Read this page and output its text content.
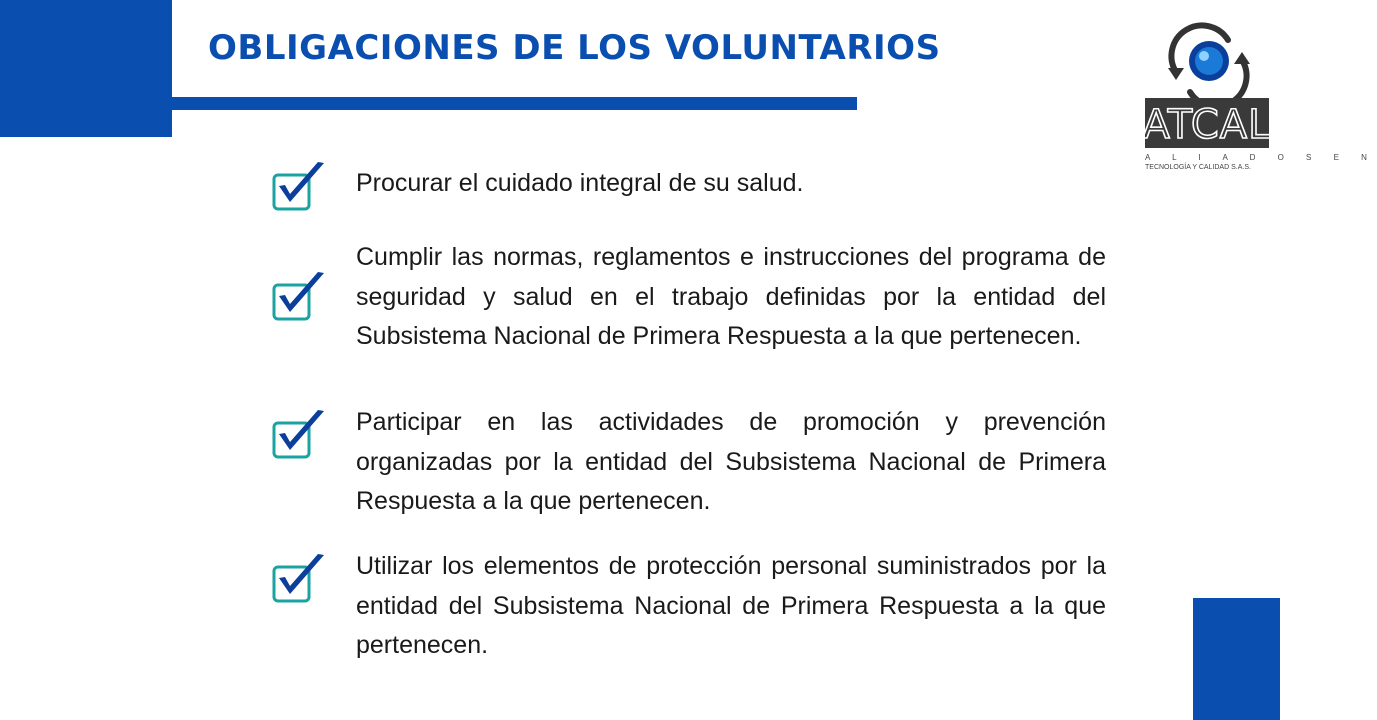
OBLIGACIONES DE LOS VOLUNTARIOS
ATCAL
A L I A D O S E N
TECNOLOGÍA Y CALIDAD S.A.S.

Procurar el cuidado integral de su salud.

Cumplir las normas, reglamentos e instrucciones del programa de seguridad y salud en el trabajo definidas por la entidad del Subsistema Nacional de Primera Respuesta a la que pertenecen.

Participar en las actividades de promoción y prevención organizadas por la entidad del Subsistema Nacional de Primera Respuesta a la que pertenecen.

Utilizar los elementos de protección personal suministrados por la entidad del Subsistema Nacional de Primera Respuesta a la que pertenecen.
